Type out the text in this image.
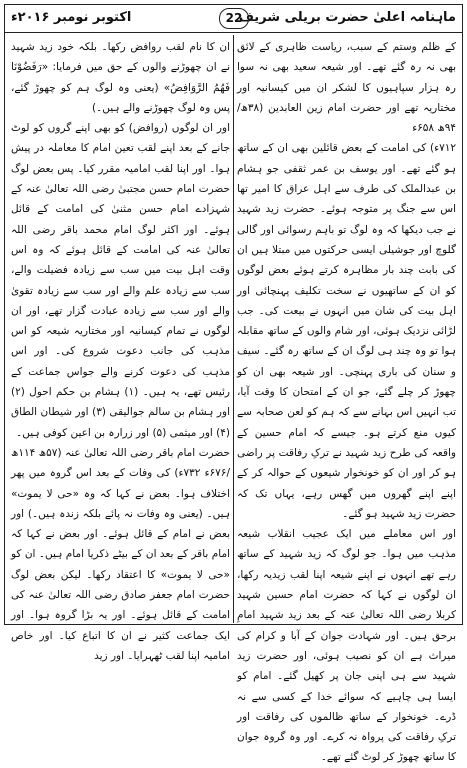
ماہنامہ اعلیٰ حضرت بریلی شریف
22
اکتوبر نومبر ۲۰۱۶ء

کے ظلم وستم کے سبب، ریاست ظاہری کے لائق بھی نہ رہ گئے تھے۔ اور شیعہ سعید بھی نہ سوا رہ ہزار سپاہیوں کا لشکر ان میں کیسانیہ اور مختاریہ تھے اور حضرت امام زین العابدین (۳۸ھ/۹۴ھ ۶۵۸ء

۷۱۲ء) کی امامت کے بعض قائلین بھی ان کے ساتھ ہو گئے تھے۔ اور یوسف بن عمر ثقفی جو ہشام بن عبدالملک کی طرف سے اہل عراق کا امیر تھا اس سے جنگ پر متوجہ ہوئے۔ حضرت زید شہید نے جب دیکھا کہ وہ لوگ تو باہم رسوائی اور گالی گلوچ اور جوشیلی ایسی حرکتوں میں مبتلا ہیں ان کی بابت چند بار مظاہرہ کرتے ہوئے بعض لوگوں کو ان کے ساتھیوں نے سخت تکلیف پہنچائی اور اہل بیت کی شان میں انہوں نے بیعت کی۔ جب لڑائی نزدیک ہوئی، اور شام والوں کے ساتھ مقابلہ ہوا تو وہ چند ہی لوگ ان کے ساتھ رہ گئے۔ سیف و سنان کی باری پہنچی۔ اور شیعہ بھی ان کو چھوڑ کر چلے گئے، جو ان کے امتحان کا وقت آیا، تب انہیں اس بہانے سے کہ ہم کو لعن صحابہ سے کیوں منع کرتے ہو۔ جیسے کہ امام حسین کے واقعہ کی طرح زید شہید نے ترکِ رفاقت پر راضی ہو کر اور ان کو خونخوار شیعوں کے حوالہ کر کے اپنے اپنے گھروں میں گھس رہے، یہاں تک کہ حضرت زید شہید ہو گئے۔

اور اس معاملے میں ایک عجیب انقلاب شیعہ مذہب میں ہوا۔ جو لوگ کہ زید شہید کے ساتھ رہے تھے انہوں نے اپنے شیعہ اپنا لقب زیدیہ رکھا، ان لوگوں نے کہا کہ حضرت امام حسین شہید کربلا رضی اللہ تعالیٰ عنہ کے بعد زید شہید امامِ برحق ہیں۔ اور شہادت جوان کے آبا و کرام کی میراث ہے ان کو نصیب ہوئی، اور حضرت زید شہید سے ہی اپنی جان پر کھیل گئے۔ امام کو ایسا ہی چاہیے کہ سوائے خدا کے کسی سے نہ ڈرے۔ خونخوار کے ساتھ ظالموں کی رفاقت اور ترکِ رفاقت کی پرواہ نہ کرے۔ اور وہ گروہ جوان کا ساتھ چھوڑ کر لوٹ گئے تھے۔

ان کا نام لقب روافض رکھا۔ بلکہ خود زید شہید نے ان چھوڑنے والوں کے حق میں فرمایا: «رَفَضُوْنَا فَهُمُ الرَّوَافِضُ» (یعنی وہ لوگ ہم کو چھوڑ گئے، پس وہ لوگ چھوڑنے والے ہیں۔)

اور ان لوگوں (روافض) کو بھی اپنے گروں کو لوٹ جانے کے بعد اپنے لقب تعین امام کا معاملہ در پیش ہوا۔ اور اپنا لقب امامیہ مقرر کیا۔ پس بعض لوگ حضرت امام حسن مجتبیٰ رضی اللہ تعالیٰ عنہ کے شہزادے امام حسن مثنیٰ کی امامت کے قائل ہوئے۔ اور اکثر لوگ امام محمد باقر رضی اللہ تعالیٰ عنہ کی امامت کے قائل ہوئے کہ وہ اس وقت اہل بیت میں سب سے زیادہ فضیلت والے، سب سے زیادہ علم والے اور سب سے زیادہ تقویٰ والے اور سب سے زیادہ عبادت گزار تھے، اور ان لوگوں نے تمام کیسانیہ اور مختاریہ شیعہ کو اس مذہب کی جانب دعوت شروع کی۔ اور اس مذہب کی دعوت کرنے والے جواس جماعت کے رئیس تھے، یہ ہیں۔ (۱) ہشام بن حکم احول (۲) اور ہشام بن سالم جوالیقی (۳) اور شیطان الطاق (۴) اور میثمی (۵) اور زرارہ بن اعین کوفی ہیں۔

حضرت امام باقر رضی اللہ تعالیٰ عنہ (۵۷ھ ۱۱۴ھ /۶۷۶ء ۷۳۲ء) کی وفات کے بعد اس گروہ میں پھر اختلاف ہوا۔ بعض نے کہا کہ وہ «حی لا یموت» ہیں۔ (یعنی وہ وفات نہ پائے بلکہ زندہ ہیں۔) اور بعض نے امام کے قائل ہوئے۔ اور بعض نے کہا کہ امام باقر کے بعد ان کے بیٹے ذکریا امام ہیں۔ ان کو «حی لا یموت» کا اعتقاد رکھا۔ لیکن بعض لوگ حضرت امام جعفر صادق رضی اللہ تعالیٰ عنہ کی امامت کے قائل ہوئے۔ اور یہ بڑا گروہ ہوا۔ اور ایک جماعت کثیر نے ان کا اتباع کیا۔ اور خاص امامیہ اپنا لقب ٹھہرایا۔ اور زید
